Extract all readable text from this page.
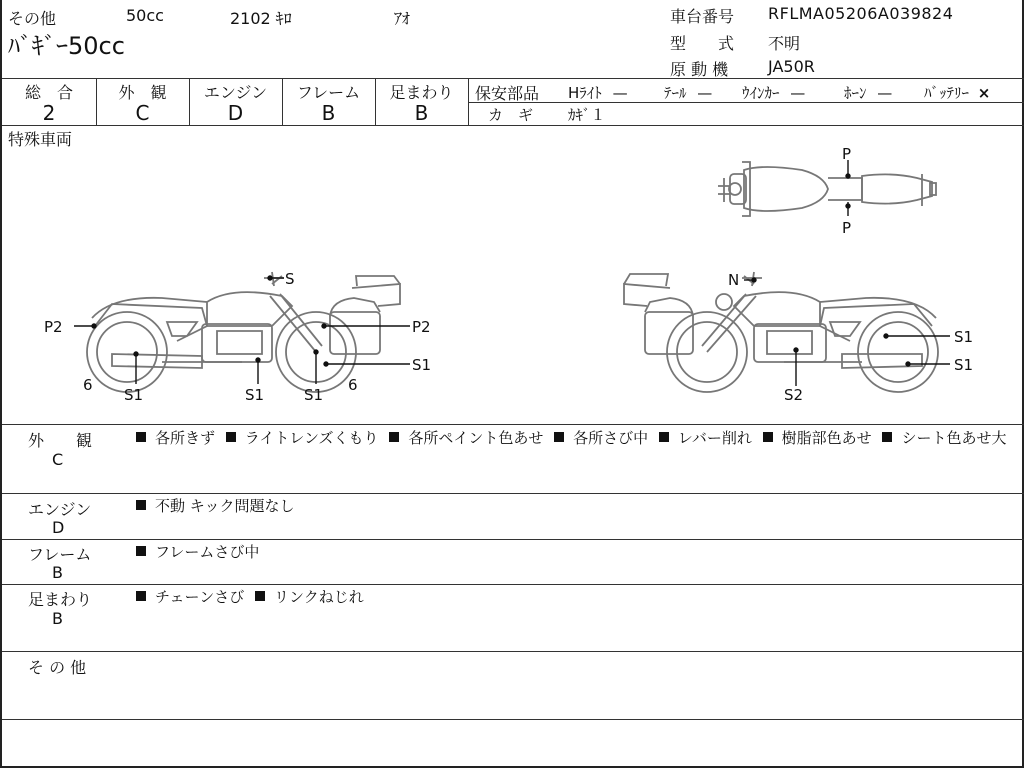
その他	50cc	2102 ｷﾛ	ｱｵ
ﾊﾞｷﾞｰ50cc
車台番号 RFLMA05206A039824
型　　式 不明
原 動 機 JA50R
総　合
2
外　観
C
エンジン
D
フレーム
B
足まわり
B
保安部品 Hﾗｲﾄ — ﾃｰﾙ — ｳｲﾝｶｰ —	ﾎｰﾝ — ﾊﾞｯﾃﾘｰ ×
カ　ギ ｶｷﾞ１
特殊車両
P
P
S
P2	P2
S1
6
S1	S1	S1
6
N
S1
S1
S2
外　　観
C
各所きず ライトレンズくもり 各所ペイント色あせ 各所さび中 レバー削れ 樹脂部色あせ シート色あせ大
エンジン
D
不動 キック問題なし
フレーム
B
フレームさび中
足まわり
B
チェーンさび リンクねじれ
そ の 他
